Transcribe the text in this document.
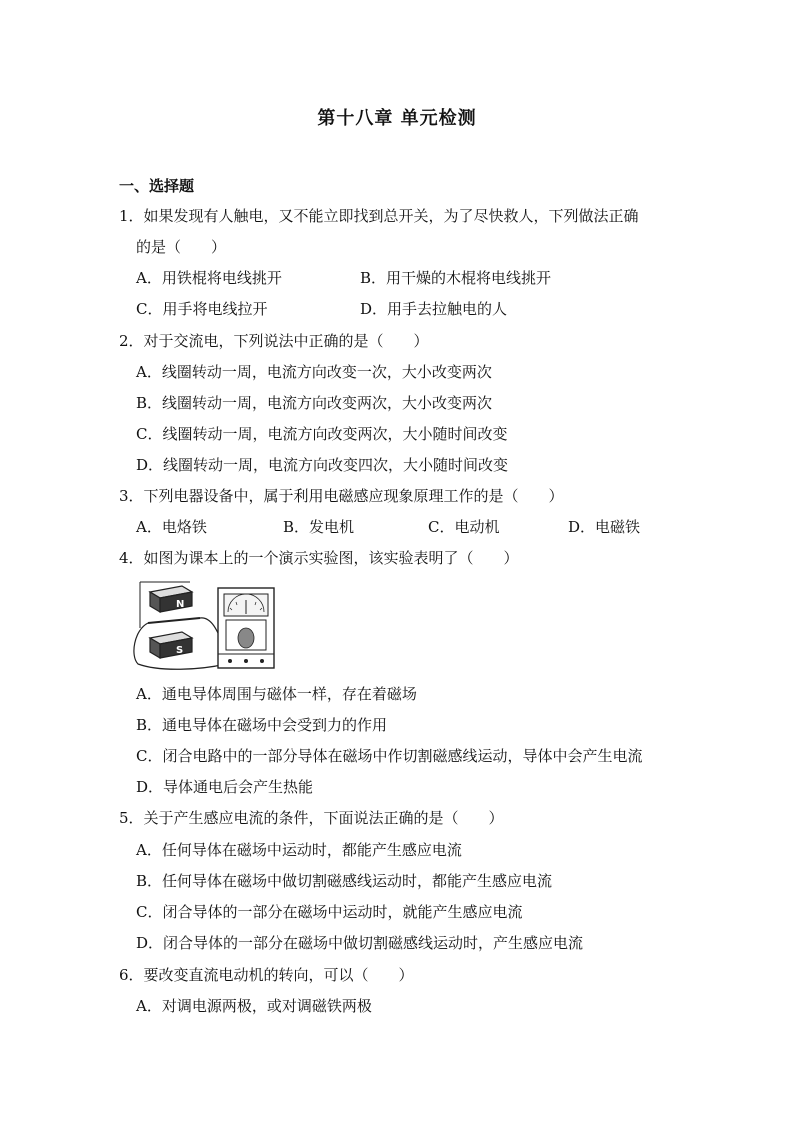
第十八章 单元检测
一、选择题
1．如果发现有人触电，又不能立即找到总开关，为了尽快救人，下列做法正确
的是（　　）
A．用铁棍将电线挑开	B．用干燥的木棍将电线挑开
C．用手将电线拉开	D．用手去拉触电的人
2．对于交流电，下列说法中正确的是（　　）
A．线圈转动一周，电流方向改变一次，大小改变两次
B．线圈转动一周，电流方向改变两次，大小改变两次
C．线圈转动一周，电流方向改变两次，大小随时间改变
D．线圈转动一周，电流方向改变四次，大小随时间改变
3．下列电器设备中，属于利用电磁感应现象原理工作的是（　　）
A．电烙铁	B．发电机	C．电动机	D．电磁铁
4．如图为课本上的一个演示实验图，该实验表明了（　　）
N
S
A．通电导体周围与磁体一样，存在着磁场
B．通电导体在磁场中会受到力的作用
C．闭合电路中的一部分导体在磁场中作切割磁感线运动，导体中会产生电流
D．导体通电后会产生热能
5．关于产生感应电流的条件，下面说法正确的是（　　）
A．任何导体在磁场中运动时，都能产生感应电流
B．任何导体在磁场中做切割磁感线运动时，都能产生感应电流
C．闭合导体的一部分在磁场中运动时，就能产生感应电流
D．闭合导体的一部分在磁场中做切割磁感线运动时，产生感应电流
6．要改变直流电动机的转向，可以（　　）
A．对调电源两极，或对调磁铁两极
